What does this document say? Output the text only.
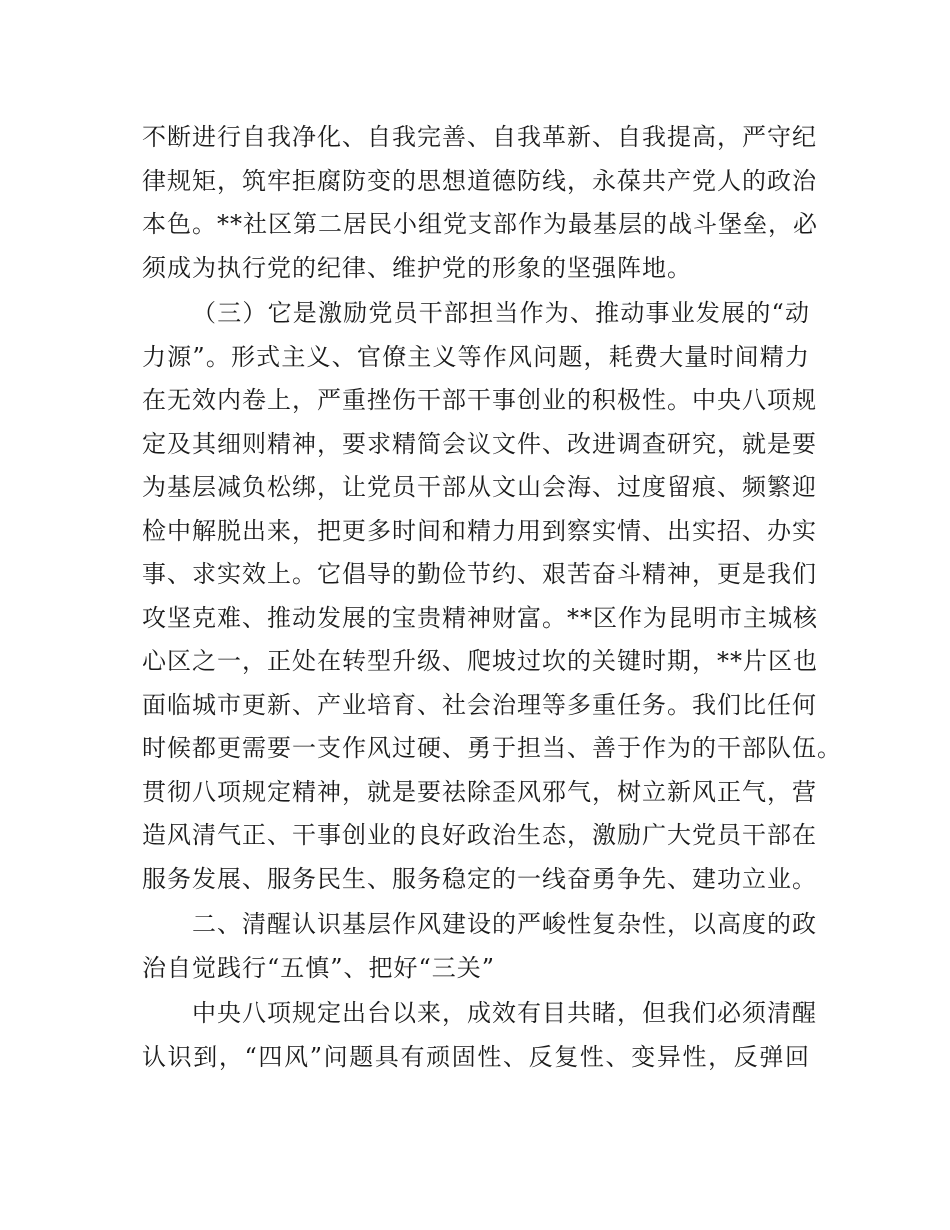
不断进行自我净化、自我完善、自我革新、自我提高，严守纪
律规矩，筑牢拒腐防变的思想道德防线，永葆共产党人的政治
本色。**社区第二居民小组党支部作为最基层的战斗堡垒，必
须成为执行党的纪律、维护党的形象的坚强阵地。
（三）它是激励党员干部担当作为、推动事业发展的“动
力源”。形式主义、官僚主义等作风问题，耗费大量时间精力
在无效内卷上，严重挫伤干部干事创业的积极性。中央八项规
定及其细则精神，要求精简会议文件、改进调查研究，就是要
为基层减负松绑，让党员干部从文山会海、过度留痕、频繁迎
检中解脱出来，把更多时间和精力用到察实情、出实招、办实
事、求实效上。它倡导的勤俭节约、艰苦奋斗精神，更是我们
攻坚克难、推动发展的宝贵精神财富。**区作为昆明市主城核
心区之一，正处在转型升级、爬坡过坎的关键时期，**片区也
面临城市更新、产业培育、社会治理等多重任务。我们比任何
时候都更需要一支作风过硬、勇于担当、善于作为的干部队伍。
贯彻八项规定精神，就是要祛除歪风邪气，树立新风正气，营
造风清气正、干事创业的良好政治生态，激励广大党员干部在
服务发展、服务民生、服务稳定的一线奋勇争先、建功立业。
二、清醒认识基层作风建设的严峻性复杂性，以高度的政
治自觉践行“五慎”、把好“三关”
中央八项规定出台以来，成效有目共睹，但我们必须清醒
认识到，“四风”问题具有顽固性、反复性、变异性，反弹回
